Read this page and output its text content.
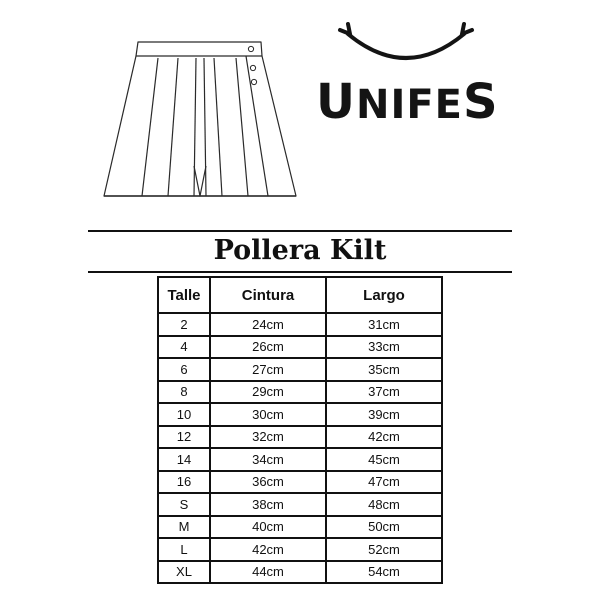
UNIFES
Pollera Kilt
Talle	Cintura	Largo
2	24cm	31cm
4	26cm	33cm
6	27cm	35cm
8	29cm	37cm
10	30cm	39cm
12	32cm	42cm
14	34cm	45cm
16	36cm	47cm
S	38cm	48cm
M	40cm	50cm
L	42cm	52cm
XL	44cm	54cm
